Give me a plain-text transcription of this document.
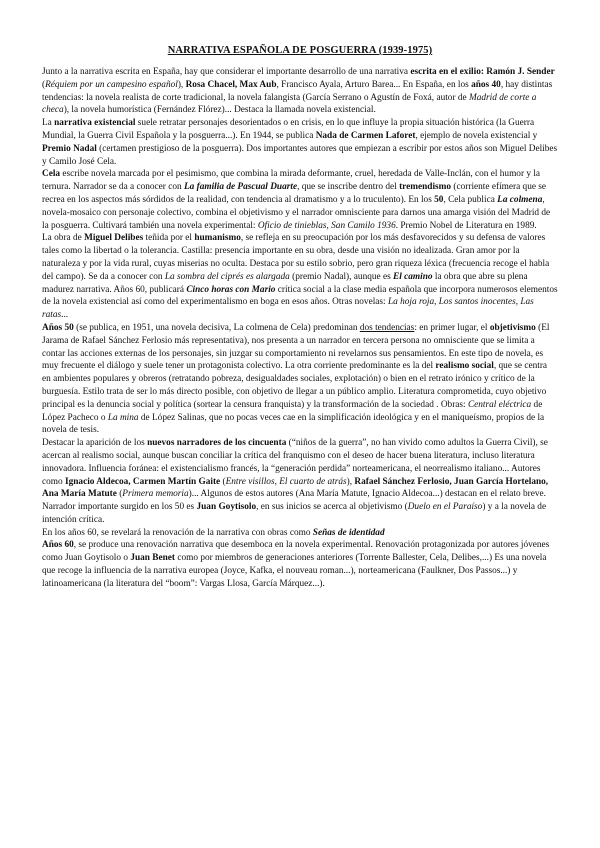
NARRATIVA ESPAÑOLA DE POSGUERRA (1939-1975)

Junto a la narrativa escrita en España, hay que considerar el importante desarrollo de una narrativa escrita en el exilio: Ramón J. Sender (Réquiem por un campesino español), Rosa Chacel, Max Aub, Francisco Ayala, Arturo Barea... En España, en los años 40, hay distintas tendencias: la novela realista de corte tradicional, la novela falangista (García Serrano o Agustín de Foxá, autor de Madrid de corte a checa), la novela humorística (Fernández Flórez)... Destaca la llamada novela existencial.

La narrativa existencial suele retratar personajes desorientados o en crisis, en lo que influye la propia situación histórica (la Guerra Mundial, la Guerra Civil Española y la posguerra...). En 1944, se publica Nada de Carmen Laforet, ejemplo de novela existencial y Premio Nadal (certamen prestigioso de la posguerra). Dos importantes autores que empiezan a escribir por estos años son Miguel Delibes y Camilo José Cela.

Cela escribe novela marcada por el pesimismo, que combina la mirada deformante, cruel, heredada de Valle-Inclán, con el humor y la ternura. Narrador se da a conocer con La familia de Pascual Duarte, que se inscribe dentro del tremendismo (corriente efímera que se recrea en los aspectos más sórdidos de la realidad, con tendencia al dramatismo y a lo truculento). En los 50, Cela publica La colmena, novela-mosaico con personaje colectivo, combina el objetivismo y el narrador omnisciente para darnos una amarga visión del Madrid de la posguerra. Cultivará también una novela experimental: Oficio de tinieblas, San Camilo 1936. Premio Nobel de Literatura en 1989.

La obra de Miguel Delibes teñida por el humanismo, se refleja en su preocupación por los más desfavorecidos y su defensa de valores tales como la libertad o la tolerancia. Castilla: presencia importante en su obra, desde una visión no idealizada. Gran amor por la naturaleza y por la vida rural, cuyas miserias no oculta. Destaca por su estilo sobrio, pero gran riqueza léxica (frecuencia recoge el habla del campo). Se da a conocer con La sombra del ciprés es alargada (premio Nadal), aunque es El camino la obra que abre su plena madurez narrativa. Años 60, publicará Cinco horas con Mario crítica social a la clase media española que incorpora numerosos elementos de la novela existencial así como del experimentalismo en boga en esos años. Otras novelas: La hoja roja, Los santos inocentes, Las ratas...

Años 50 (se publica, en 1951, una novela decisiva, La colmena de Cela) predominan dos tendencias: en primer lugar, el objetivismo (El Jarama de Rafael Sánchez Ferlosio más representativa), nos presenta a un narrador en tercera persona no omnisciente que se limita a contar las acciones externas de los personajes, sin juzgar su comportamiento ni revelarnos sus pensamientos. En este tipo de novela, es muy frecuente el diálogo y suele tener un protagonista colectivo. La otra corriente predominante es la del realismo social, que se centra en ambientes populares y obreros (retratando pobreza, desigualdades sociales, explotación) o bien en el retrato irónico y crítico de la burguesía. Estilo trata de ser lo más directo posible, con objetivo de llegar a un público amplio. Literatura comprometida, cuyo objetivo principal es la denuncia social y política (sortear la censura franquista) y la transformación de la sociedad . Obras: Central eléctrica de López Pacheco o La mina de López Salinas, que no pocas veces cae en la simplificación ideológica y en el maniqueísmo, propios de la novela de tesis.

Destacar la aparición de los nuevos narradores de los cincuenta (“niños de la guerra”, no han vivido como adultos la Guerra Civil), se acercan al realismo social, aunque buscan conciliar la crítica del franquismo con el deseo de hacer buena literatura, incluso literatura innovadora. Influencia foránea: el existencialismo francés, la “generación perdida” norteamericana, el neorrealismo italiano... Autores como Ignacio Aldecoa, Carmen Martín Gaite (Entre visillos, El cuarto de atrás), Rafael Sánchez Ferlosio, Juan García Hortelano, Ana María Matute (Primera memoria)... Algunos de estos autores (Ana María Matute, Ignacio Aldecoa...) destacan en el relato breve. Narrador importante surgido en los 50 es Juan Goytisolo, en sus inicios se acerca al objetivismo (Duelo en el Paraíso) y a la novela de intención crítica.

En los años 60, se revelará la renovación de la narrativa con obras como Señas de identidad

Años 60, se produce una renovación narrativa que desemboca en la novela experimental. Renovación protagonizada por autores jóvenes como Juan Goytisolo o Juan Benet como por miembros de generaciones anteriores (Torrente Ballester, Cela, Delibes,...) Es una novela que recoge la influencia de la narrativa europea (Joyce, Kafka, el nouveau roman...), norteamericana (Faulkner, Dos Passos...) y latinoamericana (la literatura del “boom”: Vargas Llosa, García Márquez...).
